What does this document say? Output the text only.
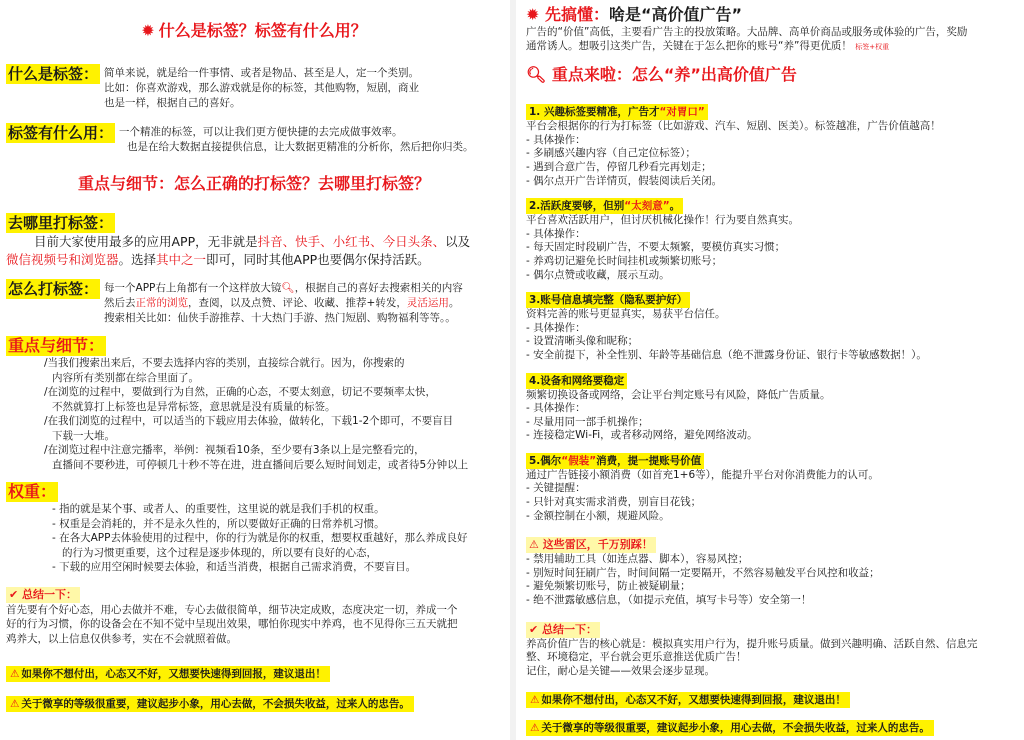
✹ 什么是标签？标签有什么用？
什么是标签： 简单来说，就是给一件事情、或者是物品、甚至是人，定一个类别。
比如：你喜欢游戏，那么游戏就是你的标签，其他购物，短剧，商业
也是一样，根据自己的喜好。
标签有什么用： 一个精准的标签，可以让我们更方便快捷的去完成做事效率。
也是在给大数据直接提供信息，让大数据更精准的分析你，然后把你归类。
重点与细节：怎么正确的打标签？去哪里打标签？
去哪里打标签：
目前大家使用最多的应用APP，无非就是抖音、快手、小红书、今日头条、以及
微信视频号和浏览器。选择其中之一即可，同时其他APP也要偶尔保持活跃。
怎么打标签： 每一个APP右上角都有一个这样放大镜🔍︎，根据自己的喜好去搜索相关的内容
然后去正常的浏览，查阅，以及点赞、评论、收藏、推荐+转发，灵活运用。
搜索相关比如：仙侠手游推荐、十大热门手游、热门短剧、购物福利等等。。
重点与细节：

/当我们搜索出来后，不要去选择内容的类别，直接综合就行。因为，你搜索的

内容所有类别都在综合里面了。

/在浏览的过程中，要做到行为自然，正确的心态，不要太刻意，切记不要频率太快，

不然就算打上标签也是异常标签，意思就是没有质量的标签。

/在我们浏览的过程中，可以适当的下载应用去体验，做转化，下载1-2个即可，不要盲目

下载一大堆。

/在浏览过程中注意完播率，举例：视频看10条，至少要有3条以上是完整看完的，

直播间不要秒进，可停顿几十秒不等在进，进直播间后要么短时间划走，或者待5分钟以上

权重：

- 指的就是某个事、或者人、的重要性，这里说的就是我们手机的权重。

- 权重是会消耗的，并不是永久性的，所以要做好正确的日常养机习惯。

- 在各大APP去体验使用的过程中，你的行为就是你的权重，想要权重越好，那么养成良好

的行为习惯更重要，这个过程是逐步体现的，所以要有良好的心态，

- 下载的应用空闲时候要去体验，和适当消费，根据自己需求消费，不要盲目。

✔ 总结一下：

首先要有个好心态，用心去做并不难，专心去做很简单，细节决定成败，态度决定一切，养成一个

好的行为习惯，你的设备会在不知不觉中呈现出效果，哪怕你现实中养鸡，也不见得你三五天就把

鸡养大，以上信息仅供参考，实在不会就照着做。

⚠ 如果你不想付出，心态又不好，又想要快速得到回报，建议退出！
⚠ 关于微享的等级很重要，建议起步小象，用心去做，不会损失收益，过来人的忠告。
✹ 先搞懂：啥是“高价值广告”

广告的“价值”高低，主要看广告主的投放策略。大品牌、高单价商品或服务或体验的广告，奖励

通常诱人。想吸引这类广告，关键在于怎么把你的账号“养”得更优质！ 标签+权重

🔍︎ 重点来啦：怎么“养”出高价值广告
1. 兴趣标签要精准，广告才“对胃口”

平台会根据你的行为打标签（比如游戏、汽车、短剧、医美）。标签越准，广告价值越高！

- 具体操作：

- 多刷感兴趣内容（自己定位标签）；

- 遇到合意广告，停留几秒看完再划走；

- 偶尔点开广告详情页，假装阅读后关闭。

2.活跃度要够，但别“太刻意”。

平台喜欢活跃用户，但讨厌机械化操作！行为要自然真实。

- 具体操作：

- 每天固定时段刷广告，不要太频繁，要模仿真实习惯；

- 养鸡切记避免长时间挂机或频繁切账号；

- 偶尔点赞或收藏，展示互动。

3.账号信息填完整（隐私要护好）

资料完善的账号更显真实，易获平台信任。

- 具体操作：

- 设置清晰头像和昵称；

- 安全前提下，补全性别、年龄等基础信息（绝不泄露身份证、银行卡等敏感数据！）。

4.设备和网络要稳定

频繁切换设备或网络，会让平台判定账号有风险，降低广告质量。

- 具体操作：

- 尽量用同一部手机操作；

- 连接稳定Wi-Fi，或者移动网络，避免网络波动。

5.偶尔“假装”消费，提一提账号价值

通过广告链接小额消费（如首充1+6等），能提升平台对你消费能力的认可。

- 关键提醒：

- 只针对真实需求消费，别盲目花钱；

- 金额控制在小额，规避风险。

⚠ 这些雷区，千万别踩！

- 禁用辅助工具（如连点器、脚本），容易风控；

- 别短时间狂刷广告，时间间隔一定要隔开，不然容易触发平台风控和收益；

- 避免频繁切账号，防止被疑刷量；

- 绝不泄露敏感信息，（如提示充值，填写卡号等）安全第一！

✔ 总结一下：

养高价值广告的核心就是：模拟真实用户行为，提升账号质量。做到兴趣明确、活跃自然、信息完

整、环境稳定，平台就会更乐意推送优质广告！

记住，耐心是关键——效果会逐步显现。

⚠ 如果你不想付出，心态又不好，又想要快速得到回报，建议退出！
⚠ 关于微享的等级很重要，建议起步小象，用心去做，不会损失收益，过来人的忠告。
